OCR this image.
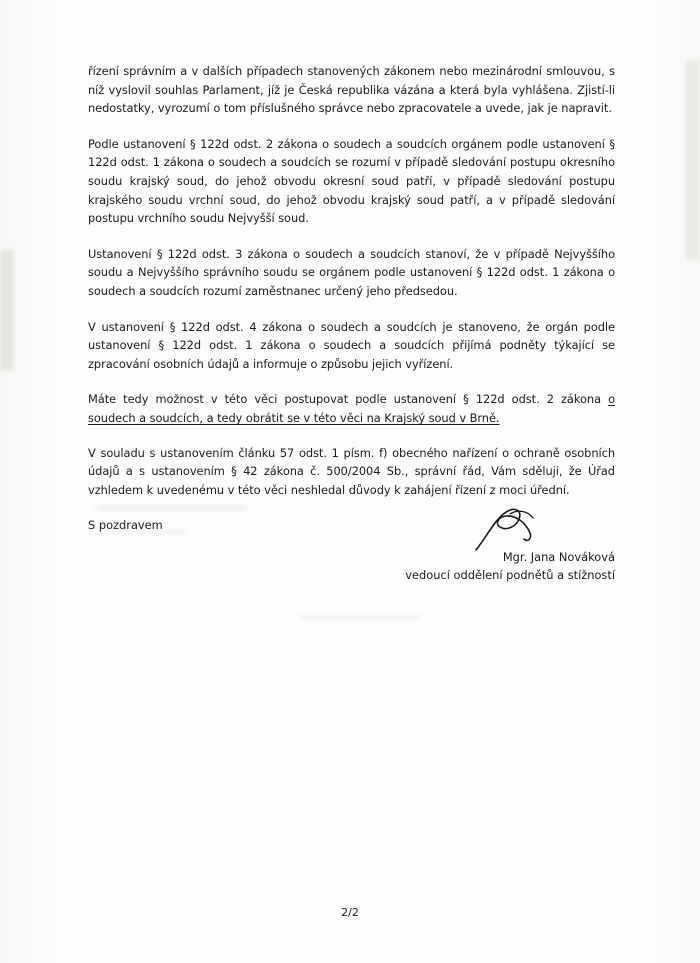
řízení správním a v dalších případech stanovených zákonem nebo mezinárodní smlouvou, s níž vyslovil souhlas Parlament, jíž je Česká republika vázána a která byla vyhlášena. Zjistí-li nedostatky, vyrozumí o tom příslušného správce nebo zpracovatele a uvede, jak je napravit.

Podle ustanovení § 122d odst. 2 zákona o soudech a soudcích orgánem podle ustanovení § 122d odst. 1 zákona o soudech a soudcích se rozumí v případě sledování postupu okresního soudu krajský soud, do jehož obvodu okresní soud patří, v případě sledování postupu krajského soudu vrchní soud, do jehož obvodu krajský soud patří, a v případě sledování postupu vrchního soudu Nejvyšší soud.

Ustanovení § 122d odst. 3 zákona o soudech a soudcích stanoví, že v případě Nejvyššího soudu a Nejvyššího správního soudu se orgánem podle ustanovení § 122d odst. 1 zákona o soudech a soudcích rozumí zaměstnanec určený jeho předsedou.

V ustanovení § 122d odst. 4 zákona o soudech a soudcích je stanoveno, že orgán podle ustanovení § 122d odst. 1 zákona o soudech a soudcích přijímá podněty týkající se zpracování osobních údajů a informuje o způsobu jejich vyřízení.

Máte tedy možnost v této věci postupovat podle ustanovení § 122d odst. 2 zákona o soudech a soudcích, a tedy obrátit se v této věci na Krajský soud v Brně.

V souladu s ustanovením článku 57 odst. 1 písm. f) obecného nařízení o ochraně osobních údajů a s ustanovením § 42 zákona č. 500/2004 Sb., správní řád, Vám sděluji, že Úřad vzhledem k uvedenému v této věci neshledal důvody k zahájení řízení z moci úřední.

S pozdravem

Mgr. Jana Nováková
vedoucí oddělení podnětů a stížností
2/2
